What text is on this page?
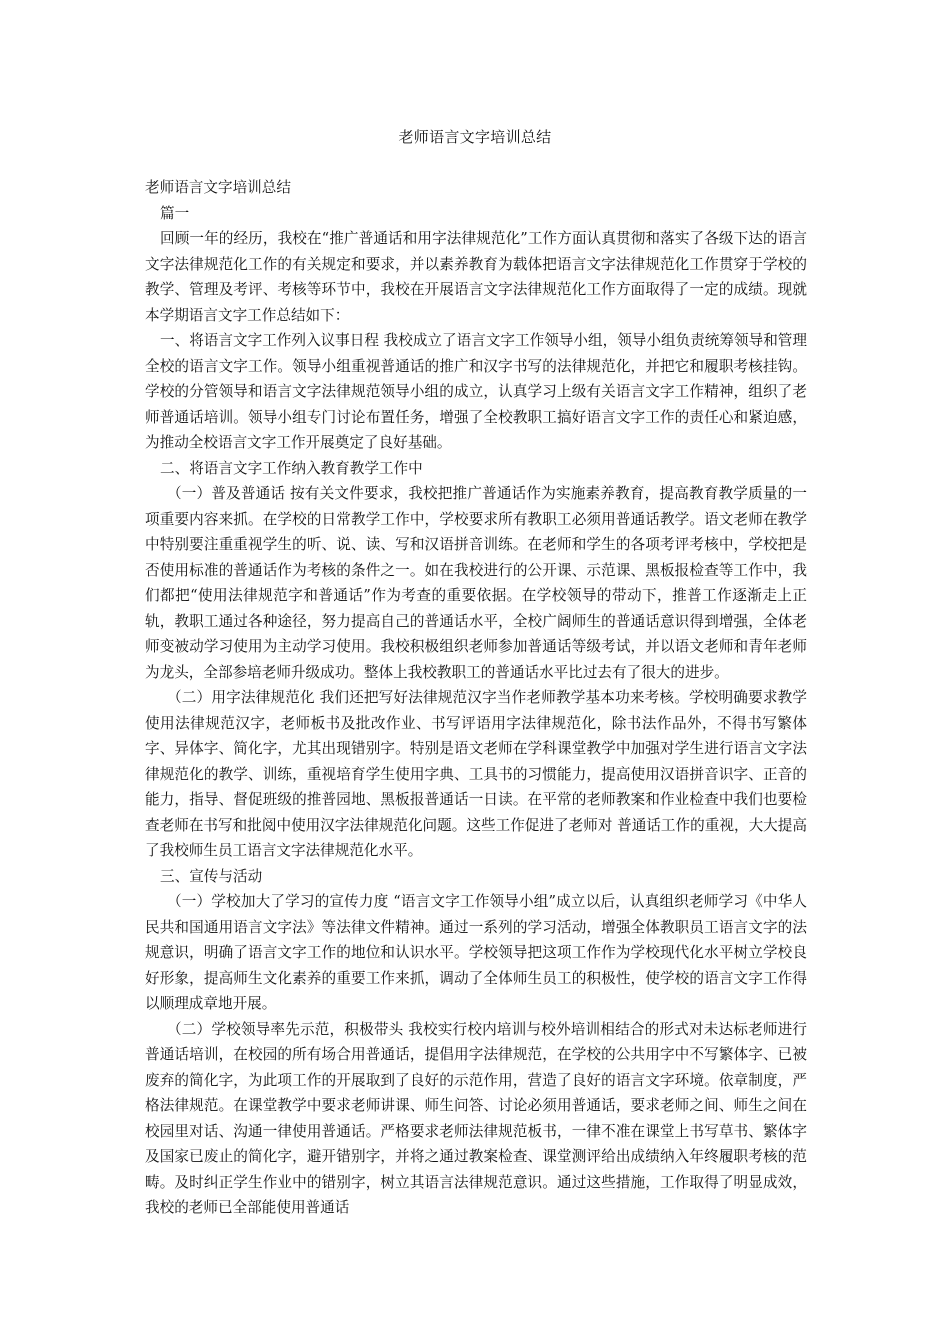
老师语言文字培训总结

老师语言文字培训总结

篇一

回顾一年的经历，我校在“推广普通话和用字法律规范化”工作方面认真贯彻和落实了各级下达的语言文字法律规范化工作的有关规定和要求，并以素养教育为载体把语言文字法律规范化工作贯穿于学校的教学、管理及考评、考核等环节中，我校在开展语言文字法律规范化工作方面取得了一定的成绩。现就本学期语言文字工作总结如下：

一、将语言文字工作列入议事日程 我校成立了语言文字工作领导小组，领导小组负责统筹领导和管理全校的语言文字工作。领导小组重视普通话的推广和汉字书写的法律规范化，并把它和履职考核挂钩。学校的分管领导和语言文字法律规范领导小组的成立，认真学习上级有关语言文字工作精神，组织了老师普通话培训。领导小组专门讨论布置任务，增强了全校教职工搞好语言文字工作的责任心和紧迫感，为推动全校语言文字工作开展奠定了良好基础。

二、将语言文字工作纳入教育教学工作中

（一）普及普通话 按有关文件要求，我校把推广普通话作为实施素养教育，提高教育教学质量的一项重要内容来抓。在学校的日常教学工作中，学校要求所有教职工必须用普通话教学。语文老师在教学中特别要注重重视学生的听、说、读、写和汉语拼音训练。在老师和学生的各项考评考核中，学校把是否使用标准的普通话作为考核的条件之一。如在我校进行的公开课、示范课、黑板报检查等工作中，我们都把“使用法律规范字和普通话”作为考查的重要依据。在学校领导的带动下，推普工作逐渐走上正轨，教职工通过各种途径，努力提高自己的普通话水平，全校广阔师生的普通话意识得到增强，全体老师变被动学习使用为主动学习使用。我校积极组织老师参加普通话等级考试，并以语文老师和青年老师为龙头，全部参培老师升级成功。整体上我校教职工的普通话水平比过去有了很大的进步。

（二）用字法律规范化 我们还把写好法律规范汉字当作老师教学基本功来考核。学校明确要求教学使用法律规范汉字，老师板书及批改作业、书写评语用字法律规范化，除书法作品外，不得书写繁体字、异体字、简化字，尤其出现错别字。特别是语文老师在学科课堂教学中加强对学生进行语言文字法律规范化的教学、训练，重视培育学生使用字典、工具书的习惯能力，提高使用汉语拼音识字、正音的能力，指导、督促班级的推普园地、黑板报普通话一日读。在平常的老师教案和作业检查中我们也要检查老师在书写和批阅中使用汉字法律规范化问题。这些工作促进了老师对 普通话工作的重视，大大提高了我校师生员工语言文字法律规范化水平。

三、宣传与活动

（一）学校加大了学习的宣传力度 “语言文字工作领导小组”成立以后，认真组织老师学习《中华人民共和国通用语言文字法》等法律文件精神。通过一系列的学习活动，增强全体教职员工语言文字的法规意识，明确了语言文字工作的地位和认识水平。学校领导把这项工作作为学校现代化水平树立学校良好形象，提高师生文化素养的重要工作来抓，调动了全体师生员工的积极性，使学校的语言文字工作得以顺理成章地开展。

（二）学校领导率先示范，积极带头 我校实行校内培训与校外培训相结合的形式对未达标老师进行普通话培训，在校园的所有场合用普通话，提倡用字法律规范，在学校的公共用字中不写繁体字、已被废弃的简化字，为此项工作的开展取到了良好的示范作用，营造了良好的语言文字环境。依章制度，严格法律规范。在课堂教学中要求老师讲课、师生问答、讨论必须用普通话，要求老师之间、师生之间在校园里对话、沟通一律使用普通话。严格要求老师法律规范板书，一律不准在课堂上书写草书、繁体字及国家已废止的简化字，避开错别字，并将之通过教案检查、课堂测评给出成绩纳入年终履职考核的范畴。及时纠正学生作业中的错别字，树立其语言法律规范意识。通过这些措施，工作取得了明显成效，我校的老师已全部能使用普通话
